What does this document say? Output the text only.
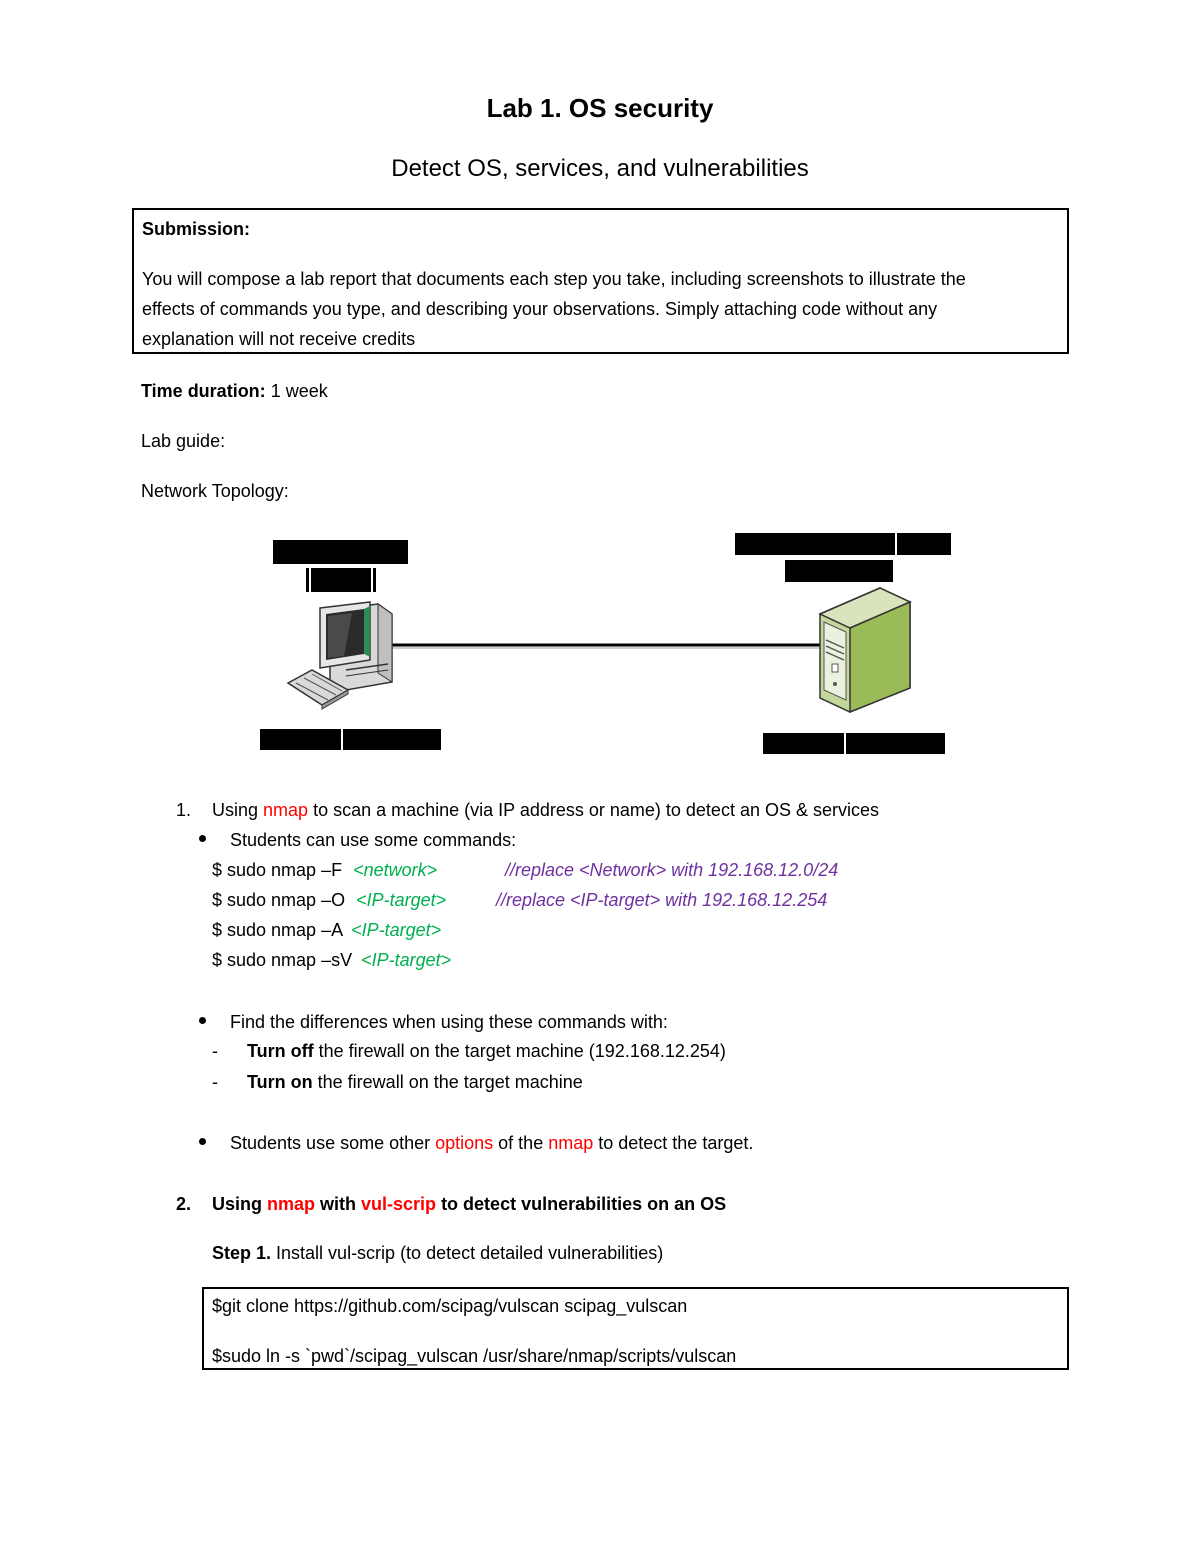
Lab 1. OS security
Detect OS, services, and vulnerabilities
Submission:
You will compose a lab report that documents each step you take, including screenshots to illustrate the
effects of commands you type, and describing your observations. Simply attaching code without any
explanation will not receive credits
Time duration: 1 week
Lab guide:
Network Topology:
1. Using nmap to scan a machine (via IP address or name) to detect an OS & services
Students can use some commands:
$ sudo nmap –F <network>	//replace <Network> with 192.168.12.0/24
$ sudo nmap –O <IP-target>	//replace <IP-target> with 192.168.12.254
$ sudo nmap –A <IP-target>
$ sudo nmap –sV <IP-target>
Find the differences when using these commands with:
- Turn off the firewall on the target machine (192.168.12.254)
- Turn on the firewall on the target machine
Students use some other options of the nmap to detect the target.
2. Using nmap with vul-scrip to detect vulnerabilities on an OS
Step 1. Install vul-scrip (to detect detailed vulnerabilities)
$git clone https://github.com/scipag/vulscan scipag_vulscan
$sudo ln -s `pwd`/scipag_vulscan /usr/share/nmap/scripts/vulscan
